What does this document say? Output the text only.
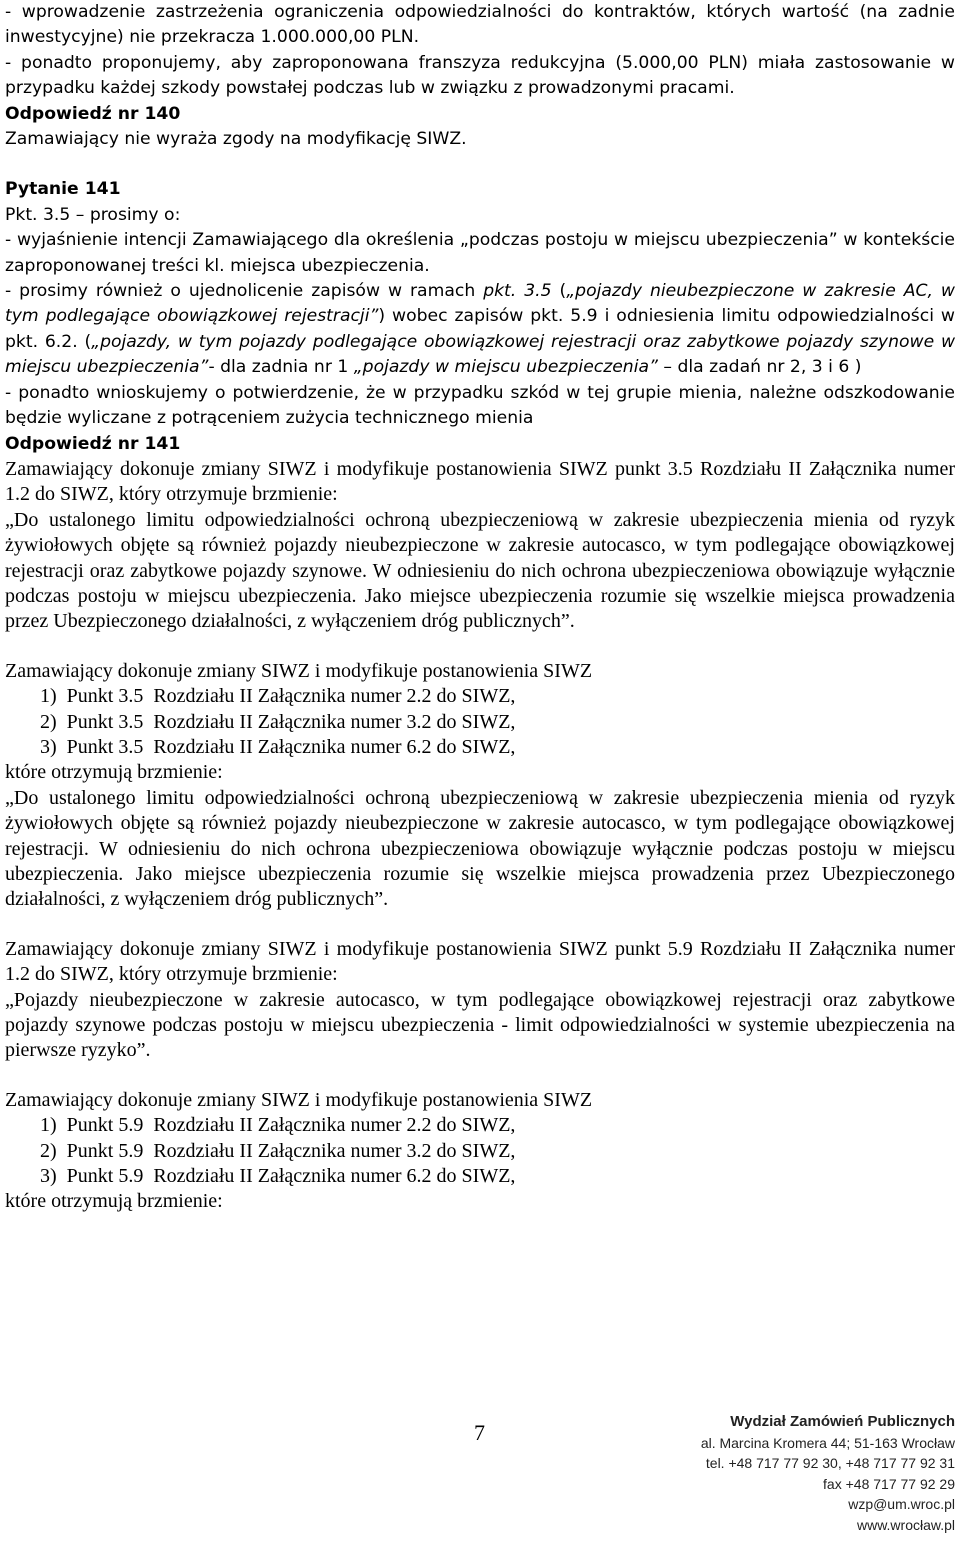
- wprowadzenie zastrzeżenia ograniczenia odpowiedzialności do kontraktów, których wartość (na zadnie inwestycyjne) nie przekracza 1.000.000,00 PLN.

- ponadto proponujemy, aby zaproponowana franszyza redukcyjna (5.000,00 PLN) miała zastosowanie w przypadku każdej szkody powstałej podczas lub w związku z prowadzonymi pracami.

Odpowiedź nr 140

Zamawiający nie wyraża zgody na modyfikację SIWZ.

Pytanie 141

Pkt. 3.5 – prosimy o:

- wyjaśnienie intencji Zamawiającego dla określenia „podczas postoju w miejscu ubezpieczenia” w kontekście zaproponowanej treści kl. miejsca ubezpieczenia.

- prosimy również o ujednolicenie zapisów w ramach pkt. 3.5 („pojazdy nieubezpieczone w zakresie AC, w tym podlegające obowiązkowej rejestracji”) wobec zapisów pkt. 5.9 i odniesienia limitu odpowiedzialności w pkt. 6.2. („pojazdy, w tym pojazdy podlegające obowiązkowej rejestracji oraz zabytkowe pojazdy szynowe w miejscu ubezpieczenia”- dla zadnia nr 1 „pojazdy w miejscu ubezpieczenia” – dla zadań nr 2, 3 i 6 )

- ponadto wnioskujemy o potwierdzenie, że w przypadku szkód w tej grupie mienia, należne odszkodowanie będzie wyliczane z potrąceniem zużycia technicznego mienia

Odpowiedź nr 141

Zamawiający dokonuje zmiany SIWZ i modyfikuje postanowienia SIWZ punkt 3.5 Rozdziału II Załącznika numer 1.2 do SIWZ, który otrzymuje brzmienie:

„Do ustalonego limitu odpowiedzialności ochroną ubezpieczeniową w zakresie ubezpieczenia mienia od ryzyk żywiołowych objęte są również pojazdy nieubezpieczone w zakresie autocasco, w tym podlegające obowiązkowej rejestracji oraz zabytkowe pojazdy szynowe. W odniesieniu do nich ochrona ubezpieczeniowa obowiązuje wyłącznie podczas postoju w miejscu ubezpieczenia. Jako miejsce ubezpieczenia rozumie się wszelkie miejsca prowadzenia przez Ubezpieczonego działalności, z wyłączeniem dróg publicznych”.

Zamawiający dokonuje zmiany SIWZ i modyfikuje postanowienia SIWZ

1)  Punkt 3.5  Rozdziału II Załącznika numer 2.2 do SIWZ,
2)  Punkt 3.5  Rozdziału II Załącznika numer 3.2 do SIWZ,
3)  Punkt 3.5  Rozdziału II Załącznika numer 6.2 do SIWZ,

które otrzymują brzmienie:

„Do ustalonego limitu odpowiedzialności ochroną ubezpieczeniową w zakresie ubezpieczenia mienia od ryzyk żywiołowych objęte są również pojazdy nieubezpieczone w zakresie autocasco, w tym podlegające obowiązkowej rejestracji. W odniesieniu do nich ochrona ubezpieczeniowa obowiązuje wyłącznie podczas postoju w miejscu ubezpieczenia. Jako miejsce ubezpieczenia rozumie się wszelkie miejsca prowadzenia przez Ubezpieczonego działalności, z wyłączeniem dróg publicznych”.

Zamawiający dokonuje zmiany SIWZ i modyfikuje postanowienia SIWZ punkt 5.9 Rozdziału II Załącznika numer 1.2 do SIWZ, który otrzymuje brzmienie:

„Pojazdy nieubezpieczone w zakresie autocasco, w tym podlegające obowiązkowej rejestracji oraz zabytkowe pojazdy szynowe podczas postoju w miejscu ubezpieczenia - limit odpowiedzialności w systemie ubezpieczenia na pierwsze ryzyko”.

Zamawiający dokonuje zmiany SIWZ i modyfikuje postanowienia SIWZ

1)  Punkt 5.9  Rozdziału II Załącznika numer 2.2 do SIWZ,
2)  Punkt 5.9  Rozdziału II Załącznika numer 3.2 do SIWZ,
3)  Punkt 5.9  Rozdziału II Załącznika numer 6.2 do SIWZ,

które otrzymują brzmienie:

7	Wydział Zamówień Publicznych
al. Marcina Kromera 44; 51-163 Wrocław
tel. +48 717 77 92 30, +48 717 77 92 31
fax +48 717 77 92 29
wzp@um.wroc.pl
www.wrocław.pl
